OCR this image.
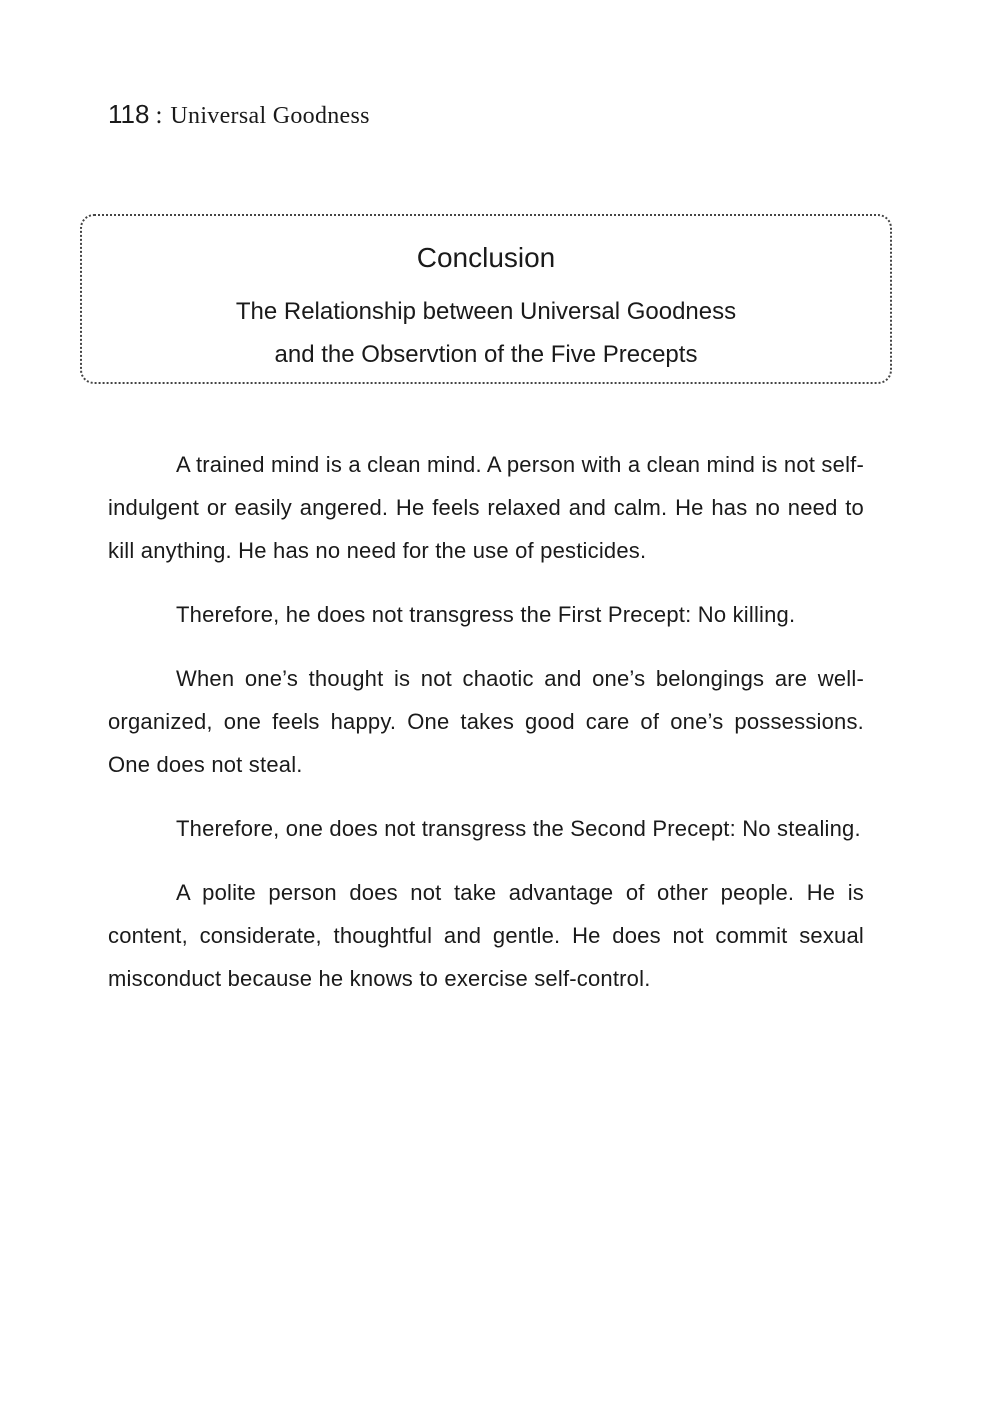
118 : Universal Goodness
Conclusion
The Relationship between Universal Goodness
and the Observtion of the Five Precepts

A trained mind is a clean mind. A person with a clean mind is not self-indulgent or easily angered. He feels relaxed and calm. He has no need to kill anything. He has no need for the use of pesticides.

Therefore, he does not transgress the First Precept: No killing.

When one’s thought is not chaotic and one’s belongings are well-organized, one feels happy. One takes good care of one’s possessions. One does not steal.

Therefore, one does not transgress the Second Precept: No stealing.

A polite person does not take advantage of other people. He is content, considerate, thoughtful and gentle. He does not commit sexual misconduct because he knows to exercise self-control.
